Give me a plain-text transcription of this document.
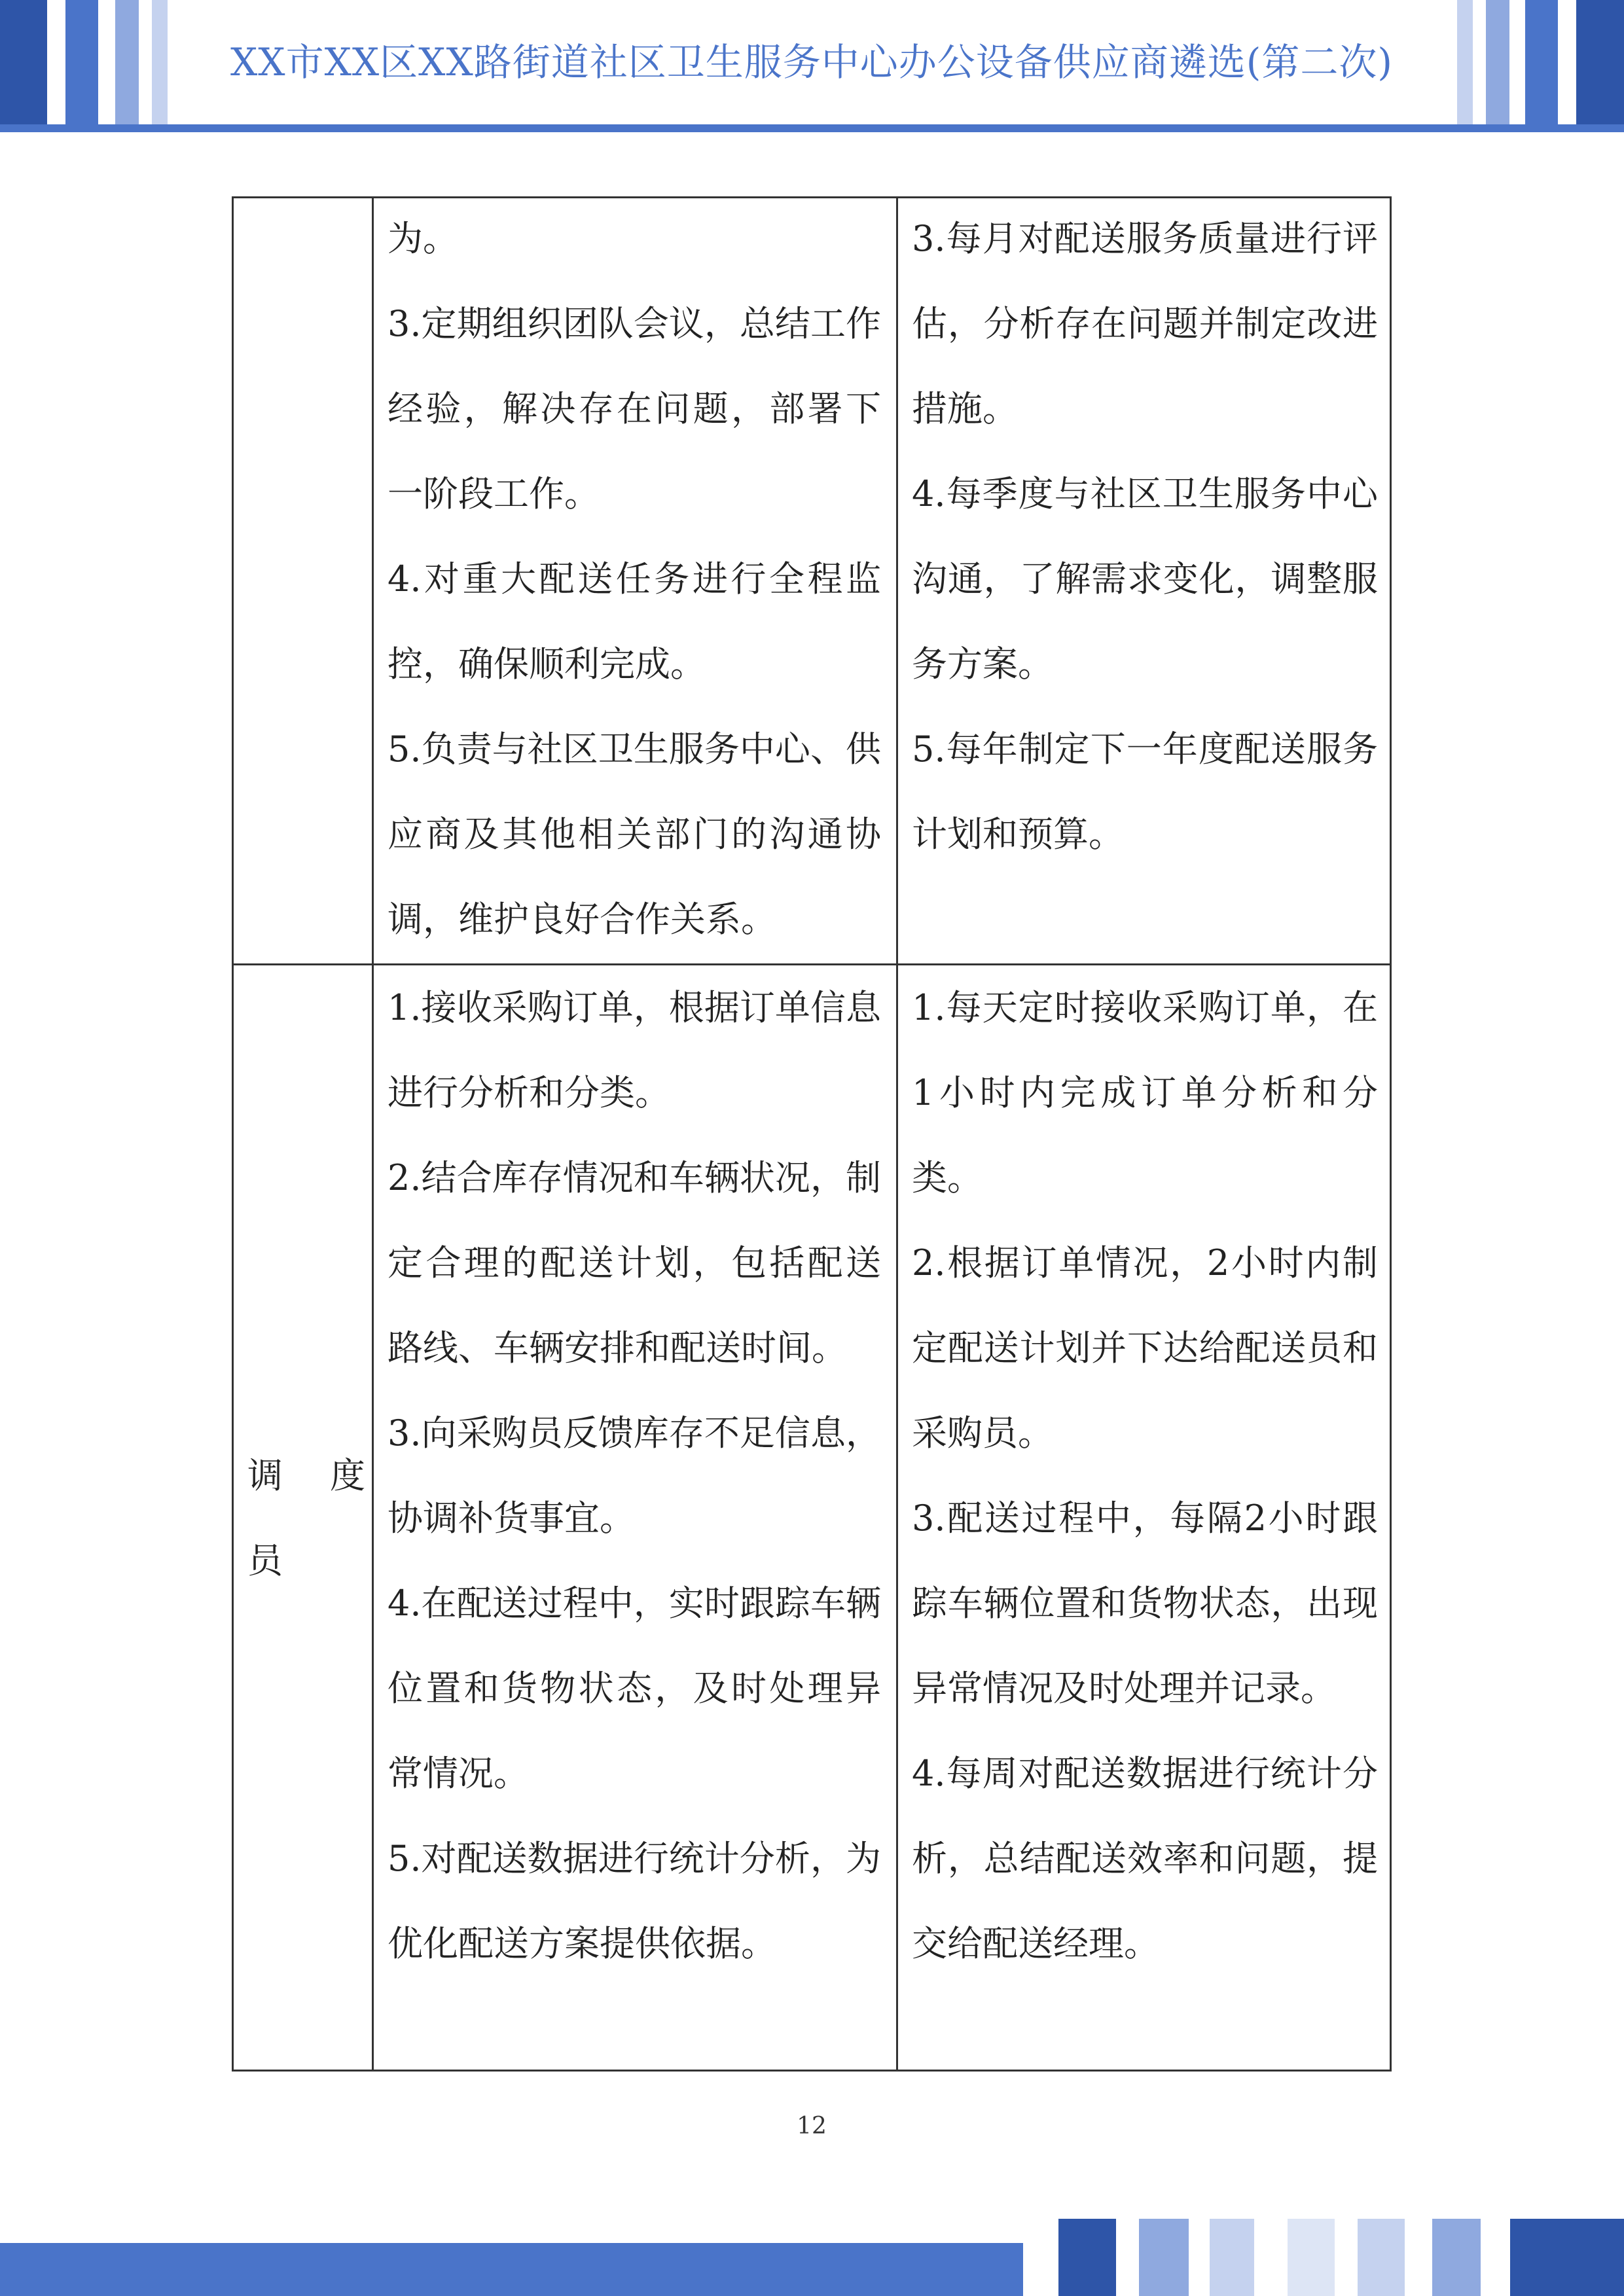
XX市XX区XX路街道社区卫生服务中心办公设备供应商遴选(第二次)

为。

3.定期组织团队会议，总结工作经验，解决存在问题，部署下一阶段工作。

4.对重大配送任务进行全程监控，确保顺利完成。

5.负责与社区卫生服务中心、供应商及其他相关部门的沟通协调，维护良好合作关系。

3.每月对配送服务质量进行评估，分析存在问题并制定改进措施。

4.每季度与社区卫生服务中心沟通，了解需求变化，调整服务方案。

5.每年制定下一年度配送服务计划和预算。

调 度
员

1.接收采购订单，根据订单信息进行分析和分类。

2.结合库存情况和车辆状况，制定合理的配送计划，包括配送路线、车辆安排和配送时间。

3.向采购员反馈库存不足信息，协调补货事宜。

4.在配送过程中，实时跟踪车辆位置和货物状态，及时处理异常情况。

5.对配送数据进行统计分析，为优化配送方案提供依据。

1.每天定时接收采购订单，在1小时内完成订单分析和分类。

2.根据订单情况，2小时内制定配送计划并下达给配送员和采购员。

3.配送过程中，每隔2小时跟踪车辆位置和货物状态，出现异常情况及时处理并记录。

4.每周对配送数据进行统计分析，总结配送效率和问题，提交给配送经理。

12
